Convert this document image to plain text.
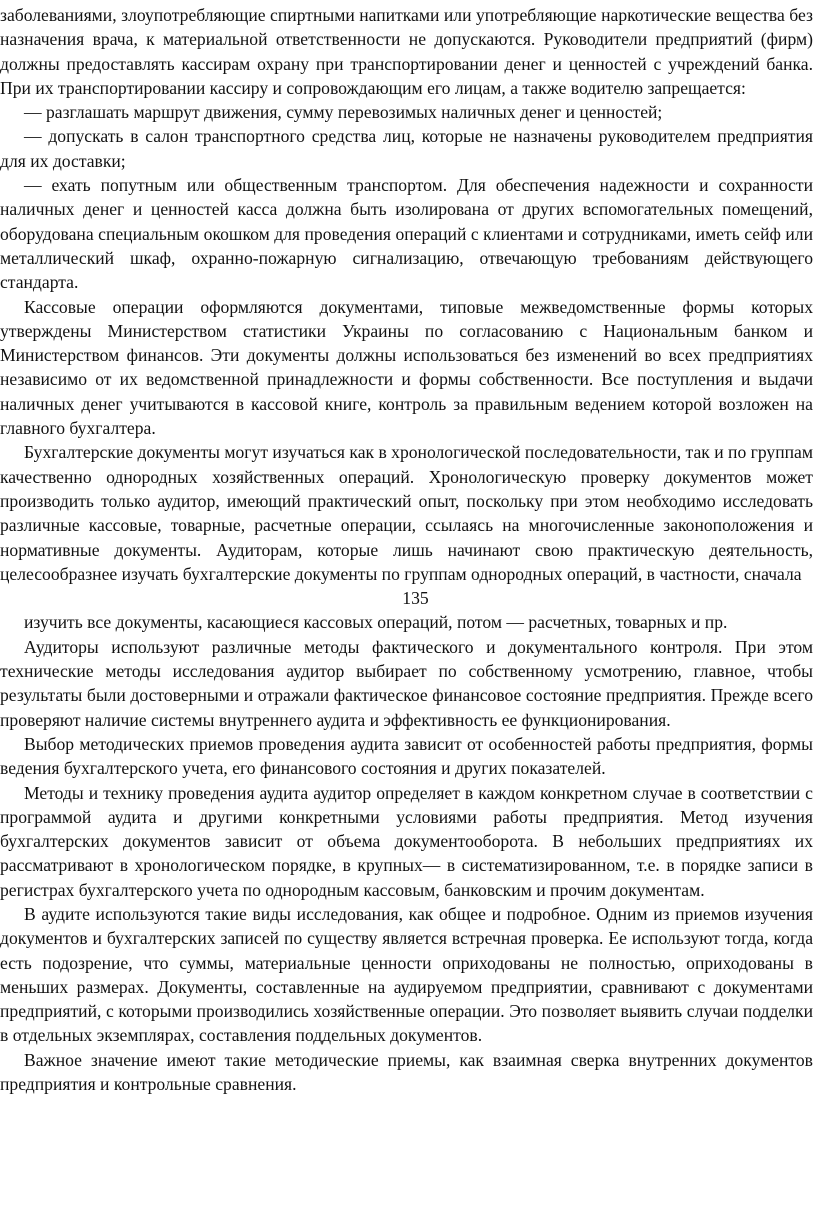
заболеваниями, злоупотребляющие спиртными напитками или употребляющие наркотические вещества без назначения врача, к материальной ответственности не допускаются. Руководители предприятий (фирм) должны предоставлять кассирам охрану при транспортировании денег и ценностей с учреждений банка. При их транспортировании кассиру и сопровождающим его лицам, а также водителю запрещается:

— разглашать маршрут движения, сумму перевозимых наличных денег и ценностей;

— допускать в салон транспортного средства лиц, которые не назначены руководителем предприятия для их доставки;

— ехать попутным или общественным транспортом. Для обеспечения надежности и сохранности наличных денег и ценностей касса должна быть изолирована от других вспомогательных помещений, оборудована специальным окошком для проведения операций с клиентами и сотрудниками, иметь сейф или металлический шкаф, охранно-пожарную сигнализацию, отвечающую требованиям действующего стандарта.

Кассовые операции оформляются документами, типовые межведомственные формы которых утверждены Министерством статистики Украины по согласованию с Национальным банком и Министерством финансов. Эти документы должны использоваться без изменений во всех предприятиях независимо от их ведомственной принадлежности и формы собственности. Все поступления и выдачи наличных денег учитываются в кассовой книге, контроль за правильным ведением которой возложен на главного бухгалтера.

Бухгалтерские документы могут изучаться как в хронологической последовательности, так и по группам качественно однородных хозяйственных операций. Хронологическую проверку документов может производить только аудитор, имеющий практический опыт, поскольку при этом необходимо исследовать различные кассовые, товарные, расчетные операции, ссылаясь на многочисленные законоположения и нормативные документы. Аудиторам, которые лишь начинают свою практическую деятельность, целесообразнее изучать бухгалтерские документы по группам однородных операций, в частности, сначала

135

изучить все документы, касающиеся кассовых операций, потом — расчетных, товарных и пр.

Аудиторы используют различные методы фактического и документального контроля. При этом технические методы исследования аудитор выбирает по собственному усмотрению, главное, чтобы результаты были достоверными и отражали фактическое финансовое состояние предприятия. Прежде всего проверяют наличие системы внутреннего аудита и эффективность ее функционирования.

Выбор методических приемов проведения аудита зависит от особенностей работы предприятия, формы ведения бухгалтерского учета, его финансового состояния и других показателей.

Методы и технику проведения аудита аудитор определяет в каждом конкретном случае в соответствии с программой аудита и другими конкретными условиями работы предприятия. Метод изучения бухгалтерских документов зависит от объема документооборота. В небольших предприятиях их рассматривают в хронологическом порядке, в крупных— в систематизированном, т.е. в порядке записи в регистрах бухгалтерского учета по однородным кассовым, банковским и прочим документам.

В аудите используются такие виды исследования, как общее и подробное. Одним из приемов изучения документов и бухгалтерских записей по существу является встречная проверка. Ее используют тогда, когда есть подозрение, что суммы, материальные ценности оприходованы не полностью, оприходованы в меньших размерах. Документы, составленные на аудируемом предприятии, сравнивают с документами предприятий, с которыми производились хозяйственные операции. Это позволяет выявить случаи подделки в отдельных экземплярах, составления поддельных документов.

Важное значение имеют такие методические приемы, как взаимная сверка внутренних документов предприятия и контрольные сравнения.
